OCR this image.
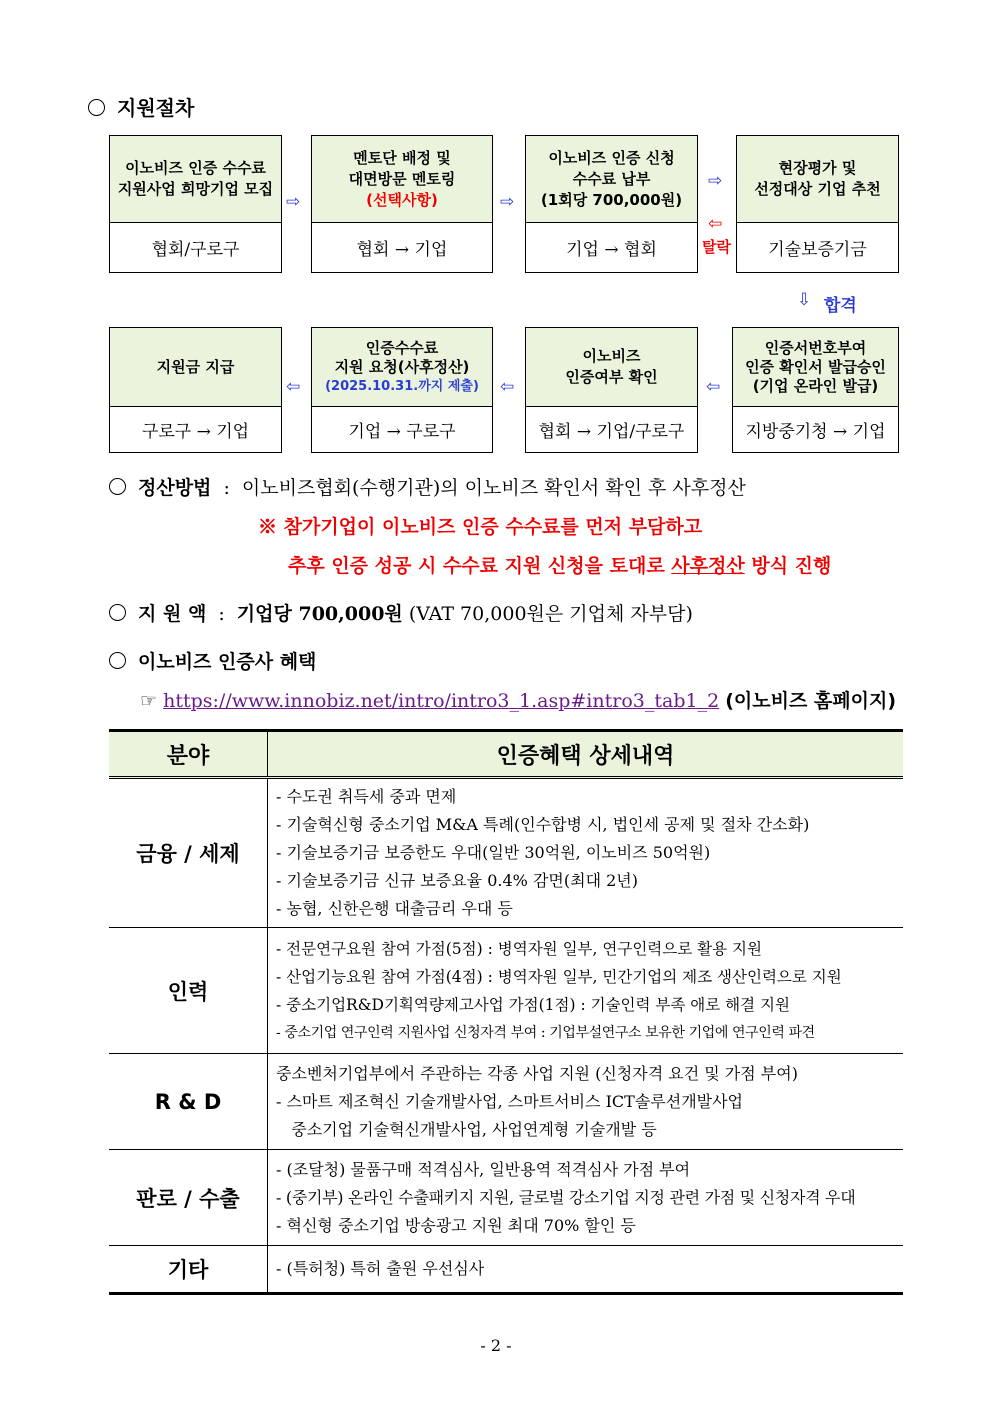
지원절차
이노비즈 인증 수수료
지원사업 희망기업 모집
협회/구로구
멘토단 배정 및
대면방문 멘토링
(선택사항)
협회 → 기업
이노비즈 인증 신청
수수료 납부
(1회당 700,000원)
기업 → 협회
현장평가 및
선정대상 기업 추천
기술보증기금
⇨	⇨
⇨
⇦
탈락
⇩ 합격
지원금 지급
구로구 → 기업
인증수수료
지원 요청(사후정산)
(2025.10.31.까지 제출)
기업 → 구로구
이노비즈
인증여부 확인
협회 → 기업/구로구
인증서번호부여
인증 확인서 발급승인
(기업 온라인 발급)
지방중기청 → 기업
⇦	⇦	⇦
정산방법 : 이노비즈협회(수행기관)의 이노비즈 확인서 확인 후 사후정산
※ 참가기업이 이노비즈 인증 수수료를 먼저 부담하고
추후 인증 성공 시 수수료 지원 신청을 토대로 사후정산 방식 진행
지 원 액 : 기업당 700,000원 (VAT 70,000원은 기업체 자부담)
이노비즈 인증사 혜택
☞ https://www.innobiz.net/intro/intro3_1.asp#intro3_tab1_2 (이노비즈 홈페이지)
분야	인증혜택 상세내역
금융 / 세제	- 수도권 취득세 중과 면제
- 기술혁신형 중소기업 M&A 특례(인수합병 시, 법인세 공제 및 절차 간소화)
- 기술보증기금 보증한도 우대(일반 30억원, 이노비즈 50억원)
- 기술보증기금 신규 보증요율 0.4% 감면(최대 2년)
- 농협, 신한은행 대출금리 우대 등

인력	- 전문연구요원 참여 가점(5점) : 병역자원 일부, 연구인력으로 활용 지원
- 산업기능요원 참여 가점(4점) : 병역자원 일부, 민간기업의 제조 생산인력으로 지원
- 중소기업R&D기획역량제고사업 가점(1점) : 기술인력 부족 애로 해결 지원
- 중소기업 연구인력 지원사업 신청자격 부여 : 기업부설연구소 보유한 기업에 연구인력 파견

R & D	중소벤처기업부에서 주관하는 각종 사업 지원 (신청자격 요건 및 가점 부여)
- 스마트 제조혁신 기술개발사업, 스마트서비스 ICT솔루션개발사업
중소기업 기술혁신개발사업, 사업연계형 기술개발 등

판로 / 수출	- (조달청) 물품구매 적격심사, 일반용역 적격심사 가점 부여
- (중기부) 온라인 수출패키지 지원, 글로벌 강소기업 지정 관련 가점 및 신청자격 우대
- 혁신형 중소기업 방송광고 지원 최대 70% 할인 등

기타	- (특허청) 특허 출원 우선심사
- 2 -
